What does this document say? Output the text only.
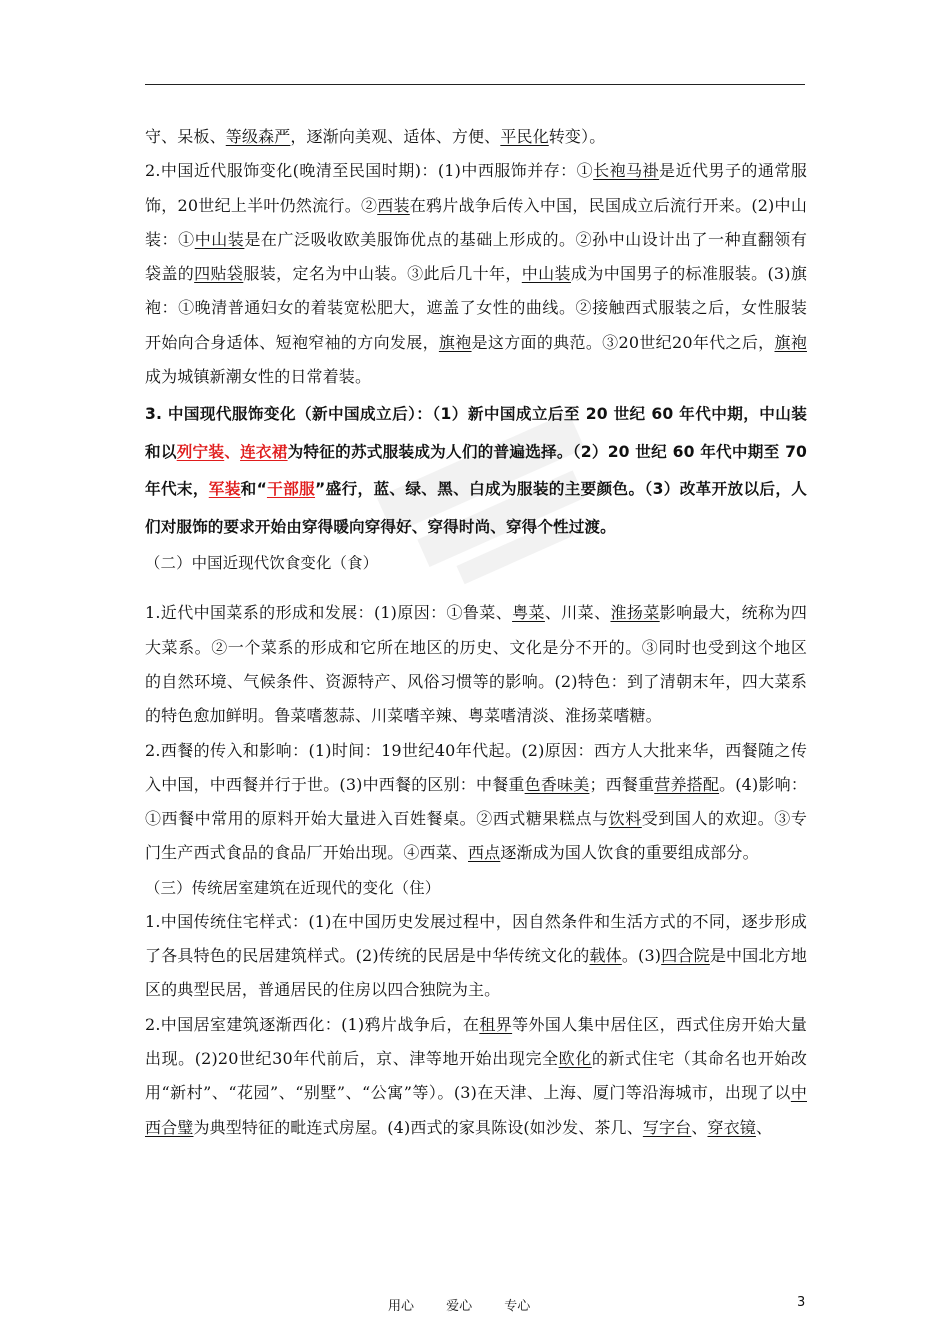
守、呆板、等级森严，逐渐向美观、适体、方便、平民化转变）。

2.中国近代服饰变化(晚清至民国时期)：(1)中西服饰并存：①长袍马褂是近代男子的通常服饰，20世纪上半叶仍然流行。②西装在鸦片战争后传入中国，民国成立后流行开来。(2)中山装：①中山装是在广泛吸收欧美服饰优点的基础上形成的。②孙中山设计出了一种直翻领有袋盖的四贴袋服装，定名为中山装。③此后几十年，中山装成为中国男子的标准服装。(3)旗袍：①晚清普通妇女的着装宽松肥大，遮盖了女性的曲线。②接触西式服装之后，女性服装开始向合身适体、短袍窄袖的方向发展，旗袍是这方面的典范。③20世纪20年代之后，旗袍成为城镇新潮女性的日常着装。

3. 中国现代服饰变化（新中国成立后）：（1）新中国成立后至 20 世纪 60 年代中期，中山装和以列宁装、连衣裙为特征的苏式服装成为人们的普遍选择。（2）20 世纪 60 年代中期至 70 年代末，军装和“干部服”盛行，蓝、绿、黑、白成为服装的主要颜色。（3）改革开放以后，人们对服饰的要求开始由穿得暖向穿得好、穿得时尚、穿得个性过渡。

（二）中国近现代饮食变化（食）

1.近代中国菜系的形成和发展：(1)原因：①鲁菜、粤菜、川菜、淮扬菜影响最大，统称为四大菜系。②一个菜系的形成和它所在地区的历史、文化是分不开的。③同时也受到这个地区的自然环境、气候条件、资源特产、风俗习惯等的影响。(2)特色：到了清朝末年，四大菜系的特色愈加鲜明。鲁菜嗜葱蒜、川菜嗜辛辣、粤菜嗜清淡、淮扬菜嗜糖。

2.西餐的传入和影响：(1)时间：19世纪40年代起。(2)原因：西方人大批来华，西餐随之传入中国，中西餐并行于世。(3)中西餐的区别：中餐重色香味美；西餐重营养搭配。(4)影响：①西餐中常用的原料开始大量进入百姓餐桌。②西式糖果糕点与饮料受到国人的欢迎。③专门生产西式食品的食品厂开始出现。④西菜、西点逐渐成为国人饮食的重要组成部分。

（三）传统居室建筑在近现代的变化（住）

1.中国传统住宅样式：(1)在中国历史发展过程中，因自然条件和生活方式的不同，逐步形成了各具特色的民居建筑样式。(2)传统的民居是中华传统文化的载体。(3)四合院是中国北方地区的典型民居，普通居民的住房以四合独院为主。

2.中国居室建筑逐渐西化：(1)鸦片战争后，在租界等外国人集中居住区，西式住房开始大量出现。(2)20世纪30年代前后，京、津等地开始出现完全欧化的新式住宅（其命名也开始改用“新村”、“花园”、“别墅”、“公寓”等）。(3)在天津、上海、厦门等沿海城市，出现了以中西合璧为典型特征的毗连式房屋。(4)西式的家具陈设(如沙发、茶几、写字台、穿衣镜、

用心 爱心 专心	3
